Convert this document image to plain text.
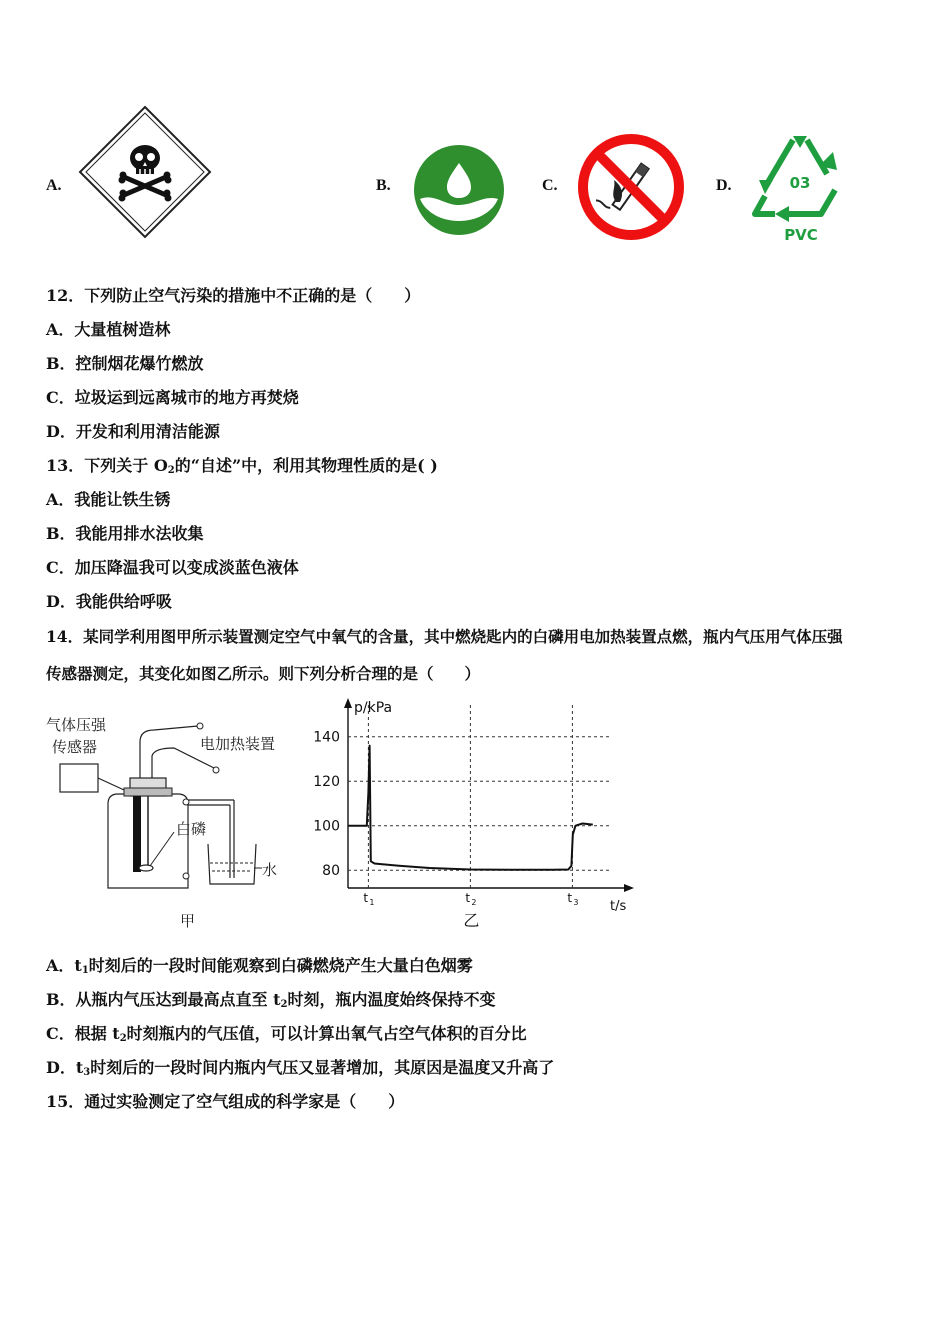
A.	B.	C.	D.	03
PVC
12．下列防止空气污染的措施中不正确的是（　　）
A．大量植树造林
B．控制烟花爆竹燃放
C．垃圾运到远离城市的地方再焚烧
D．开发和利用清洁能源
13．下列关于 $O_2$的“自述”中，利用其物理性质的是( )
A．我能让铁生锈
B．我能用排水法收集
C．加压降温我可以变成淡蓝色液体
D．我能供给呼吸
14．某同学利用图甲所示装置测定空气中氧气的含量，其中燃烧匙内的白磷用电加热装置点燃，瓶内气压用气体压强
传感器测定，其变化如图乙所示。则下列分析合理的是（　　）
气体压强
传感器	电加热装置
白磷
水
甲
p/kPa
t/s
80
100
120
140
t 1	t 2	t 3
乙
A．$t_1$时刻后的一段时间能观察到白磷燃烧产生大量白色烟雾
B．从瓶内气压达到最高点直至 $t_2$时刻，瓶内温度始终保持不变
C．根据 $t_2$时刻瓶内的气压值，可以计算出氧气占空气体积的百分比
D．$t_3$时刻后的一段时间内瓶内气压又显著增加，其原因是温度又升高了
15．通过实验测定了空气组成的科学家是（　　）
